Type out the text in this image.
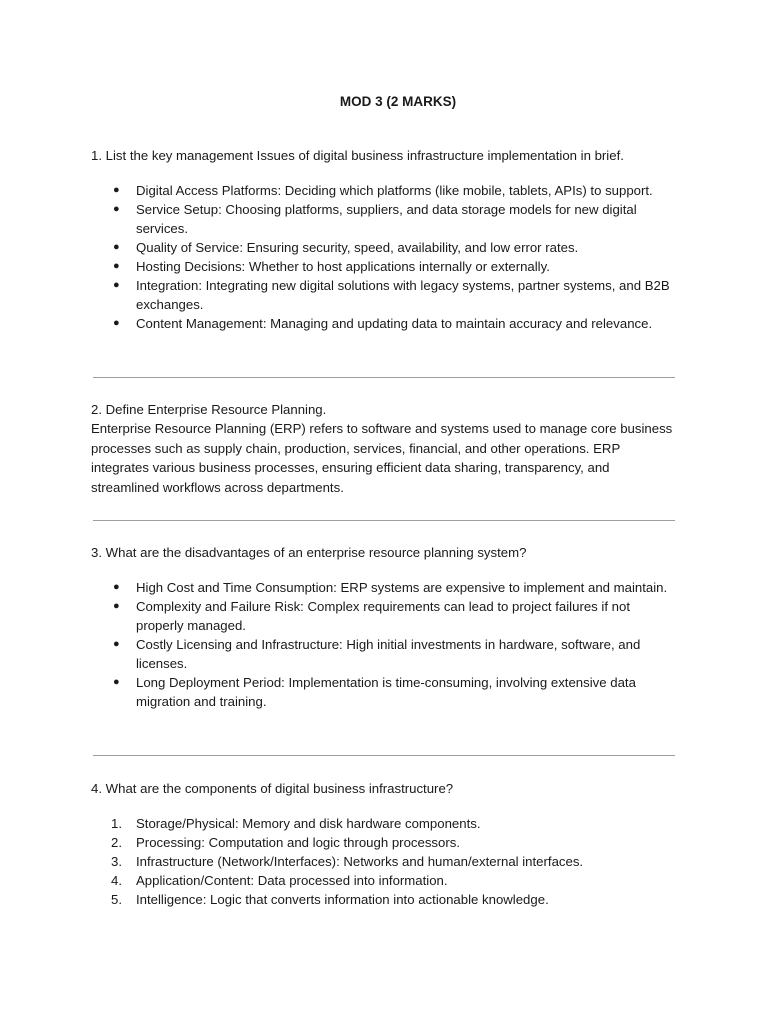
MOD 3 (2 MARKS)

1. List the key management Issues of digital business infrastructure implementation in brief.

● Digital Access Platforms: Deciding which platforms (like mobile, tablets, APIs) to support.
● Service Setup: Choosing platforms, suppliers, and data storage models for new digital services.
● Quality of Service: Ensuring security, speed, availability, and low error rates.
● Hosting Decisions: Whether to host applications internally or externally.
● Integration: Integrating new digital solutions with legacy systems, partner systems, and B2B exchanges.
● Content Management: Managing and updating data to maintain accuracy and relevance.

2. Define Enterprise Resource Planning.

Enterprise Resource Planning (ERP) refers to software and systems used to manage core business processes such as supply chain, production, services, financial, and other operations. ERP integrates various business processes, ensuring efficient data sharing, transparency, and streamlined workflows across departments.

3. What are the disadvantages of an enterprise resource planning system?

● High Cost and Time Consumption: ERP systems are expensive to implement and maintain.
● Complexity and Failure Risk: Complex requirements can lead to project failures if not properly managed.
● Costly Licensing and Infrastructure: High initial investments in hardware, software, and licenses.
● Long Deployment Period: Implementation is time-consuming, involving extensive data migration and training.

4. What are the components of digital business infrastructure?

1. Storage/Physical: Memory and disk hardware components.
2. Processing: Computation and logic through processors.
3. Infrastructure (Network/Interfaces): Networks and human/external interfaces.
4. Application/Content: Data processed into information.
5. Intelligence: Logic that converts information into actionable knowledge.
